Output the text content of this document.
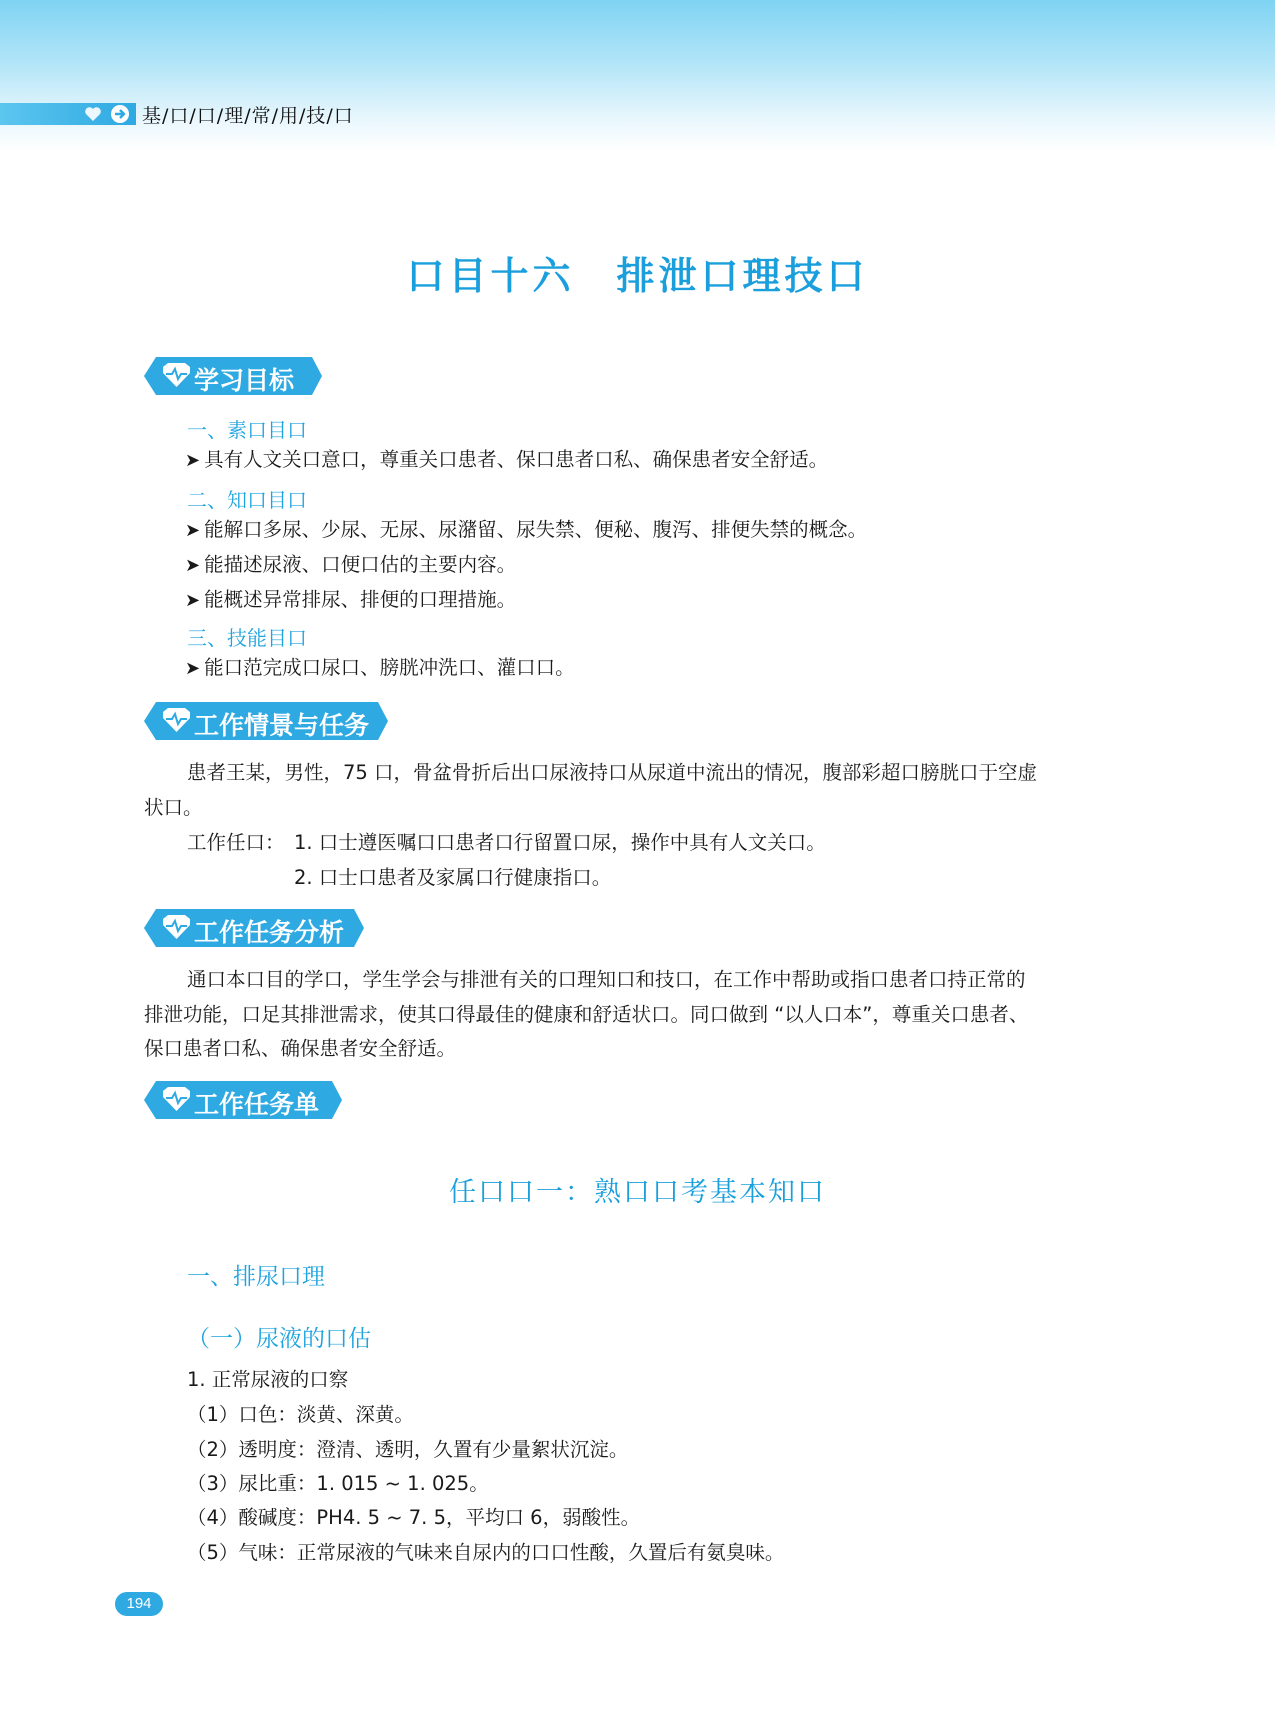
基/口/口/理/常/用/技/口
口目十六　排泄口理技口
学习目标
一、素口目口
➤ 具有人文关口意口，尊重关口患者、保口患者口私、确保患者安全舒适。
二、知口目口
➤ 能解口多尿、少尿、无尿、尿潴留、尿失禁、便秘、腹泻、排便失禁的概念。
➤ 能描述尿液、口便口估的主要内容。
➤ 能概述异常排尿、排便的口理措施。
三、技能目口
➤ 能口范完成口尿口、膀胱冲洗口、灌口口。
工作情景与任务
患者王某，男性，75 口，骨盆骨折后出口尿液持口从尿道中流出的情况，腹部彩超口膀胱口于空虚
状口。
工作任口： 1. 口士遵医嘱口口患者口行留置口尿，操作中具有人文关口。
2. 口士口患者及家属口行健康指口。
工作任务分析
通口本口目的学口，学生学会与排泄有关的口理知口和技口，在工作中帮助或指口患者口持正常的
排泄功能，口足其排泄需求，使其口得最佳的健康和舒适状口。同口做到 “以人口本”，尊重关口患者、
保口患者口私、确保患者安全舒适。
工作任务单
任口口一：熟口口考基本知口
一、排尿口理
（一）尿液的口估
1. 正常尿液的口察
（1）口色：淡黄、深黄。
（2）透明度：澄清、透明，久置有少量絮状沉淀。
（3）尿比重：1. 015 ~ 1. 025。
（4）酸碱度：PH4. 5 ~ 7. 5，平均口 6，弱酸性。
（5）气味：正常尿液的气味来自尿内的口口性酸，久置后有氨臭味。
194
